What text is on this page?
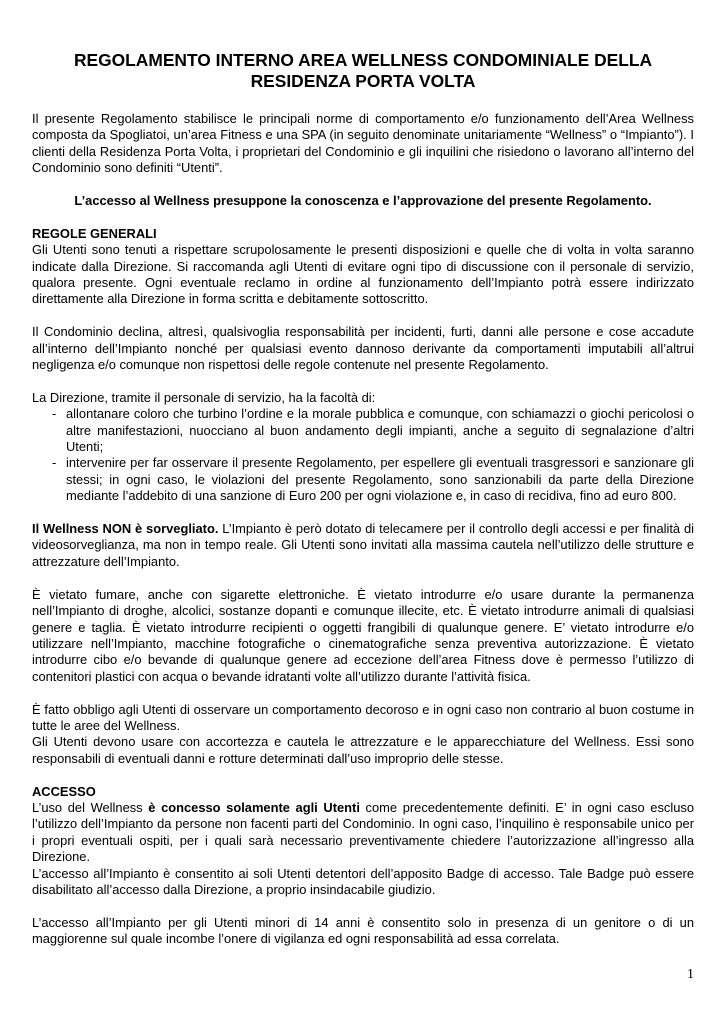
REGOLAMENTO INTERNO AREA WELLNESS CONDOMINIALE DELLA RESIDENZA PORTA VOLTA

Il presente Regolamento stabilisce le principali norme di comportamento e/o funzionamento dell’Area Wellness composta da Spogliatoi, un’area Fitness e una SPA (in seguito denominate unitariamente “Wellness” o “Impianto”). I clienti della Residenza Porta Volta, i proprietari del Condominio e gli inquilini che risiedono o lavorano all’interno del Condominio sono definiti “Utenti”.

L’accesso al Wellness presuppone la conoscenza e l’approvazione del presente Regolamento.

REGOLE GENERALI

Gli Utenti sono tenuti a rispettare scrupolosamente le presenti disposizioni e quelle che di volta in volta saranno indicate dalla Direzione. Si raccomanda agli Utenti di evitare ogni tipo di discussione con il personale di servizio, qualora presente. Ogni eventuale reclamo in ordine al funzionamento dell’Impianto potrà essere indirizzato direttamente alla Direzione in forma scritta e debitamente sottoscritto.

Il Condominio declina, altresì, qualsivoglia responsabilità per incidenti, furti, danni alle persone e cose accadute all’interno dell’Impianto nonché per qualsiasi evento dannoso derivante da comportamenti imputabili all’altrui negligenza e/o comunque non rispettosi delle regole contenute nel presente Regolamento.

La Direzione, tramite il personale di servizio, ha la facoltà di:

- allontanare coloro che turbino l’ordine e la morale pubblica e comunque, con schiamazzi o giochi pericolosi o altre manifestazioni, nuocciano al buon andamento degli impianti, anche a seguito di segnalazione d’altri Utenti;
- intervenire per far osservare il presente Regolamento, per espellere gli eventuali trasgressori e sanzionare gli stessi; in ogni caso, le violazioni del presente Regolamento, sono sanzionabili da parte della Direzione mediante l’addebito di una sanzione di Euro 200 per ogni violazione e, in caso di recidiva, fino ad euro 800.

Il Wellness NON è sorvegliato. L’Impianto è però dotato di telecamere per il controllo degli accessi e per finalità di videosorveglianza, ma non in tempo reale. Gli Utenti sono invitati alla massima cautela nell’utilizzo delle strutture e attrezzature dell’Impianto.

È vietato fumare, anche con sigarette elettroniche. È vietato introdurre e/o usare durante la permanenza nell’Impianto di droghe, alcolici, sostanze dopanti e comunque illecite, etc. È vietato introdurre animali di qualsiasi genere e taglia. È vietato introdurre recipienti o oggetti frangibili di qualunque genere. E’ vietato introdurre e/o utilizzare nell’Impianto, macchine fotografiche o cinematografiche senza preventiva autorizzazione. È vietato introdurre cibo e/o bevande di qualunque genere ad eccezione dell’area Fitness dove è permesso l’utilizzo di contenitori plastici con acqua o bevande idratanti volte all’utilizzo durante l’attività fisica.

È fatto obbligo agli Utenti di osservare un comportamento decoroso e in ogni caso non contrario al buon costume in tutte le aree del Wellness.

Gli Utenti devono usare con accortezza e cautela le attrezzature e le apparecchiature del Wellness. Essi sono responsabili di eventuali danni e rotture determinati dall’uso improprio delle stesse.

ACCESSO

L’uso del Wellness è concesso solamente agli Utenti come precedentemente definiti. E’ in ogni caso escluso l’utilizzo dell’Impianto da persone non facenti parti del Condominio. In ogni caso, l’inquilino è responsabile unico per i propri eventuali ospiti, per i quali sarà necessario preventivamente chiedere l’autorizzazione all’ingresso alla Direzione.

L’accesso all’Impianto è consentito ai soli Utenti detentori dell’apposito Badge di accesso. Tale Badge può essere disabilitato all’accesso dalla Direzione, a proprio insindacabile giudizio.

L’accesso all’Impianto per gli Utenti minori di 14 anni è consentito solo in presenza di un genitore o di un maggiorenne sul quale incombe l’onere di vigilanza ed ogni responsabilità ad essa correlata.

1
